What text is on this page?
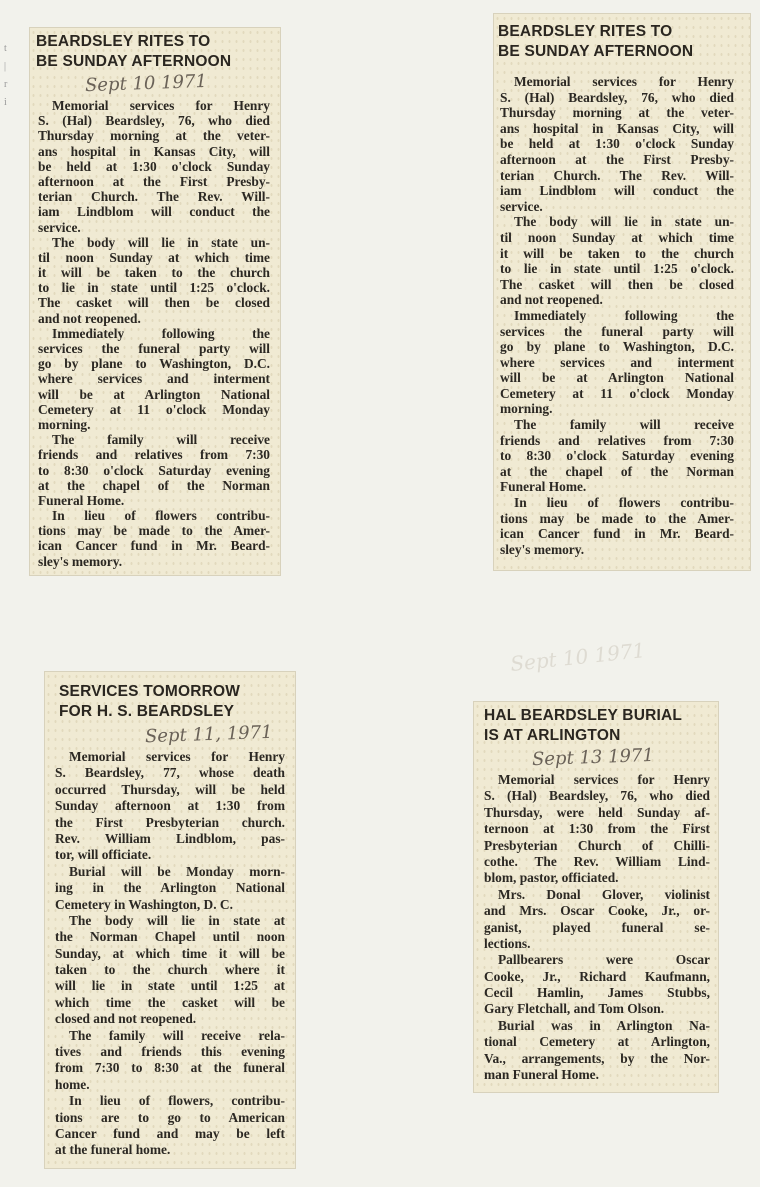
t
|
r
i
Sept 10 1971
BEARDSLEY RITES TO
BE SUNDAY AFTERNOON
Sept 10 1971
Memorial services for Henry
S. (Hal) Beardsley, 76, who died
Thursday morning at the veter-
ans hospital in Kansas City, will
be held at 1:30 o'clock Sunday
afternoon at the First Presby-
terian Church. The Rev. Will-
iam Lindblom will conduct the
service.
The body will lie in state un-
til noon Sunday at which time
it will be taken to the church
to lie in state until 1:25 o'clock.
The casket will then be closed
and not reopened.
Immediately following the
services the funeral party will
go by plane to Washington, D.C.
where services and interment
will be at Arlington National
Cemetery at 11 o'clock Monday
morning.
The family will receive
friends and relatives from 7:30
to 8:30 o'clock Saturday evening
at the chapel of the Norman
Funeral Home.
In lieu of flowers contribu-
tions may be made to the Amer-
ican Cancer fund in Mr. Beard-
sley's memory.
BEARDSLEY RITES TO
BE SUNDAY AFTERNOON
Memorial services for Henry
S. (Hal) Beardsley, 76, who died
Thursday morning at the veter-
ans hospital in Kansas City, will
be held at 1:30 o'clock Sunday
afternoon at the First Presby-
terian Church. The Rev. Will-
iam Lindblom will conduct the
service.
The body will lie in state un-
til noon Sunday at which time
it will be taken to the church
to lie in state until 1:25 o'clock.
The casket will then be closed
and not reopened.
Immediately following the
services the funeral party will
go by plane to Washington, D.C.
where services and interment
will be at Arlington National
Cemetery at 11 o'clock Monday
morning.
The family will receive
friends and relatives from 7:30
to 8:30 o'clock Saturday evening
at the chapel of the Norman
Funeral Home.
In lieu of flowers contribu-
tions may be made to the Amer-
ican Cancer fund in Mr. Beard-
sley's memory.
SERVICES TOMORROW
FOR H. S. BEARDSLEY
Sept 11, 1971
Memorial services for Henry
S. Beardsley, 77, whose death
occurred Thursday, will be held
Sunday afternoon at 1:30 from
the First Presbyterian church.
Rev. William Lindblom, pas-
tor, will officiate.
Burial will be Monday morn-
ing in the Arlington National
Cemetery in Washington, D. C.
The body will lie in state at
the Norman Chapel until noon
Sunday, at which time it will be
taken to the church where it
will lie in state until 1:25 at
which time the casket will be
closed and not reopened.
The family will receive rela-
tives and friends this evening
from 7:30 to 8:30 at the funeral
home.
In lieu of flowers, contribu-
tions are to go to American
Cancer fund and may be left
at the funeral home.
HAL BEARDSLEY BURIAL
IS AT ARLINGTON
Sept 13 1971
Memorial services for Henry
S. (Hal) Beardsley, 76, who died
Thursday, were held Sunday af-
ternoon at 1:30 from the First
Presbyterian Church of Chilli-
cothe. The Rev. William Lind-
blom, pastor, officiated.
Mrs. Donal Glover, violinist
and Mrs. Oscar Cooke, Jr., or-
ganist, played funeral se-
lections.
Pallbearers were Oscar
Cooke, Jr., Richard Kaufmann,
Cecil Hamlin, James Stubbs,
Gary Fletchall, and Tom Olson.
Burial was in Arlington Na-
tional Cemetery at Arlington,
Va., arrangements, by the Nor-
man Funeral Home.
